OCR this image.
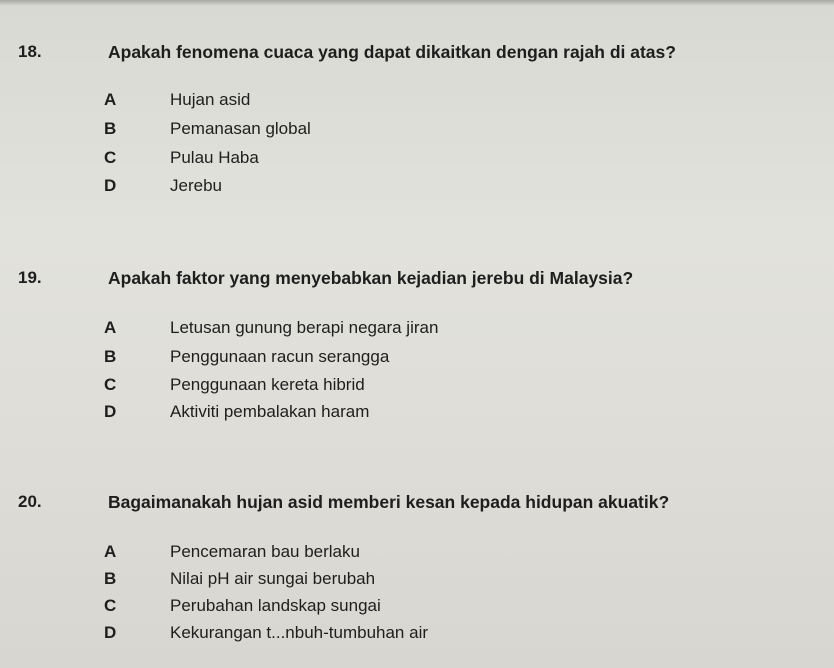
18.	Apakah fenomena cuaca yang dapat dikaitkan dengan rajah di atas?
A	Hujan asid
B	Pemanasan global
C	Pulau Haba
D	Jerebu
19.	Apakah faktor yang menyebabkan kejadian jerebu di Malaysia?
A	Letusan gunung berapi negara jiran
B	Penggunaan racun serangga
C	Penggunaan kereta hibrid
D	Aktiviti pembalakan haram
20.	Bagaimanakah hujan asid memberi kesan kepada hidupan akuatik?
A	Pencemaran bau berlaku
B	Nilai pH air sungai berubah
C	Perubahan landskap sungai
D	Kekurangan t...nbuh-tumbuhan air
